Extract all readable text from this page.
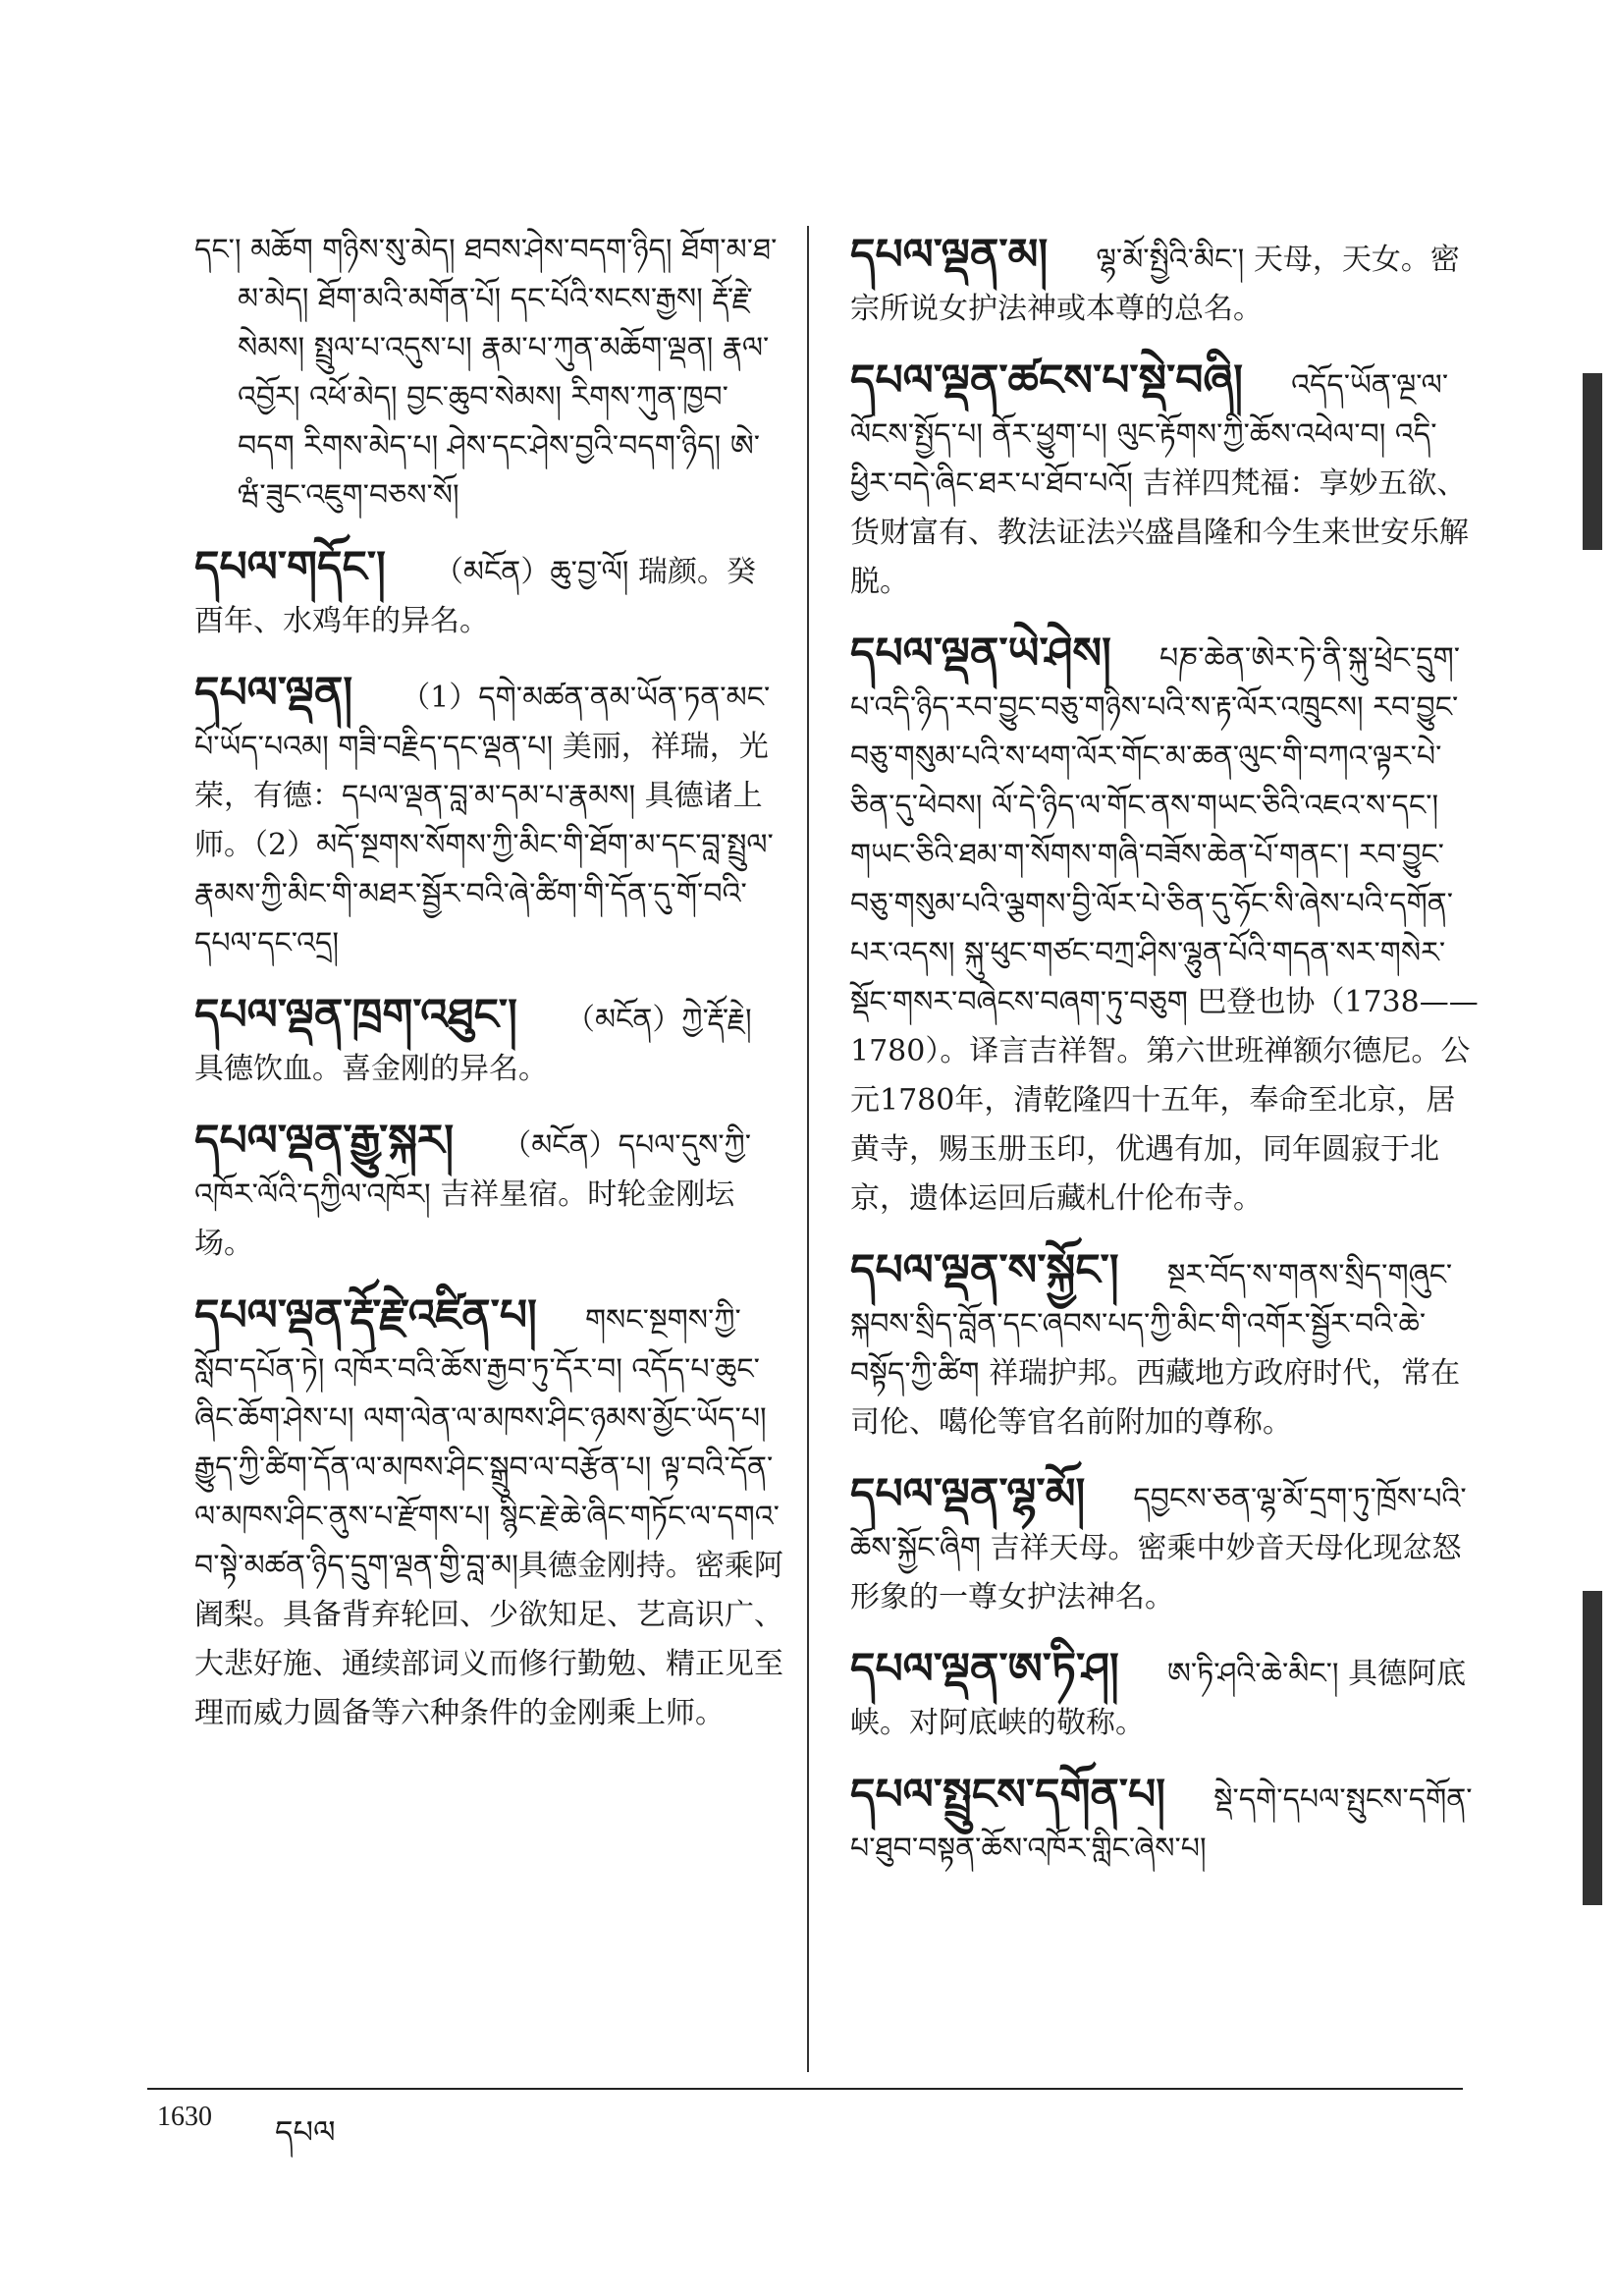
དང་། མཆོག གཉིས་སུ་མེད། ཐབས་ཤེས་བདག་ཉིད། ཐོག་མ་ཐ་མ་མེད། ཐོག་མའི་མགོན་པོ། དང་པོའི་སངས་རྒྱས། རྡོ་རྗེ་སེམས། སྤྲུལ་པ་འདུས་པ། རྣམ་པ་ཀུན་མཆོག་ལྡན། རྣལ་འབྱོར། འཕོ་མེད། བྱང་ཆུབ་སེམས། རིགས་ཀུན་ཁྱབ་བདག རིགས་མེད་པ། ཤེས་དང་ཤེས་བྱའི་བདག་ཉིད། ཨེ་ཝཾ་ཟུང་འཇུག་བཅས་སོ།
དཔལ་གདོང་། （མངོན）ཆུ་བྱ་ལོ། 瑞颜。癸酉年、水鸡年的异名。
དཔལ་ལྡན། （1）དགེ་མཚན་ནམ་ཡོན་ཏན་མང་པོ་ཡོད་པའམ། གཟི་བརྗིད་དང་ལྡན་པ། 美丽，祥瑞，光荣，有德：དཔལ་ལྡན་བླ་མ་དམ་པ་རྣམས། 具德诸上师。（2）མདོ་སྔགས་སོགས་ཀྱི་མིང་གི་ཐོག་མ་དང་བླ་སྤྲུལ་རྣམས་ཀྱི་མིང་གི་མཐར་སྦྱོར་བའི་ཞེ་ཚིག་གི་དོན་དུ་གོ་བའི་དཔལ་དང་འདྲ།
དཔལ་ལྡན་ཁྲག་འཐུང་། （མངོན）ཀྱེ་རྡོ་རྗེ། 具德饮血。喜金刚的异名。
དཔལ་ལྡན་རྒྱུ་སྐར། （མངོན）དཔལ་དུས་ཀྱི་འཁོར་ལོའི་དཀྱིལ་འཁོར། 吉祥星宿。时轮金刚坛场。
དཔལ་ལྡན་རྡོ་རྗེ་འཛིན་པ། གསང་སྔགས་ཀྱི་སློབ་དཔོན་ཏེ། འཁོར་བའི་ཆོས་རྒྱབ་ཏུ་དོར་བ། འདོད་པ་ཆུང་ཞིང་ཆོག་ཤེས་པ། ལག་ལེན་ལ་མཁས་ཤིང་ཉམས་མྱོང་ཡོད་པ། རྒྱུད་ཀྱི་ཚིག་དོན་ལ་མཁས་ཤིང་སྒྲུབ་ལ་བརྩོན་པ། ལྟ་བའི་དོན་ལ་མཁས་ཤིང་ནུས་པ་རྫོགས་པ། སྙིང་རྗེ་ཆེ་ཞིང་གཏོང་ལ་དགའ་བ་སྟེ་མཚན་ཉིད་དྲུག་ལྡན་གྱི་བླ་མ།具德金刚持。密乘阿阇梨。具备背弃轮回、少欲知足、艺高识广、大悲好施、通续部词义而修行勤勉、精正见至理而威力圆备等六种条件的金刚乘上师。
དཔལ་ལྡན་མ། ལྷ་མོ་སྤྱིའི་མིང་། 天母，天女。密宗所说女护法神或本尊的总名。
དཔལ་ལྡན་ཚངས་པ་སྡེ་བཞི། འདོད་ཡོན་ལྔ་ལ་ལོངས་སྤྱོད་པ། ནོར་ཕྱུག་པ། ལུང་རྟོགས་ཀྱི་ཆོས་འཕེལ་བ། འདི་ཕྱིར་བདེ་ཞིང་ཐར་པ་ཐོབ་པའོ། 吉祥四梵福：享妙五欲、货财富有、教法证法兴盛昌隆和今生来世安乐解脱。
དཔལ་ལྡན་ཡེ་ཤེས། པཎ་ཆེན་ཨེར་ཏེ་ནི་སྐུ་ཕྲེང་དྲུག་པ་འདི་ཉིད་རབ་བྱུང་བཅུ་གཉིས་པའི་ས་རྟ་ལོར་འཁྲུངས། རབ་བྱུང་བཅུ་གསུམ་པའི་ས་ཕག་ལོར་གོང་མ་ཆན་ལུང་གི་བཀའ་ལྟར་པེ་ཅིན་དུ་ཕེབས། ལོ་དེ་ཉིད་ལ་གོང་ནས་གཡང་ཅིའི་འཇའ་ས་དང་། གཡང་ཅིའི་ཐམ་ག་སོགས་གཞི་བཟོས་ཆེན་པོ་གནང་། རབ་བྱུང་བཅུ་གསུམ་པའི་ལྕགས་བྱི་ལོར་པེ་ཅིན་དུ་ཧོང་སི་ཞེས་པའི་དགོན་པར་འདས། སྐུ་ཕུང་གཙང་བཀྲ་ཤིས་ལྷུན་པོའི་གདན་སར་གསེར་སྡོང་གསར་བཞེངས་བཞག་ཏུ་བཅུག 巴登也协（1738——1780）。译言吉祥智。第六世班禅额尔德尼。公元1780年，清乾隆四十五年，奉命至北京，居黄寺，赐玉册玉印，优遇有加，同年圆寂于北京，遗体运回后藏札什伦布寺。
དཔལ་ལྡན་ས་སྐྱོང་། སྔར་བོད་ས་གནས་སྲིད་གཞུང་སྐབས་སྲིད་བློན་དང་ཞབས་པད་ཀྱི་མིང་གི་འགོར་སྦྱོར་བའི་ཆེ་བསྟོད་ཀྱི་ཚིག 祥瑞护邦。西藏地方政府时代，常在司伦、噶伦等官名前附加的尊称。
དཔལ་ལྡན་ལྷ་མོ། དབྱངས་ཅན་ལྷ་མོ་དྲག་ཏུ་ཁྲོས་པའི་ཆོས་སྐྱོང་ཞིག 吉祥天母。密乘中妙音天母化现忿怒形象的一尊女护法神名。
དཔལ་ལྡན་ཨ་ཏི་ཤ། ཨ་ཏི་ཤའི་ཆེ་མིང་། 具德阿底峡。对阿底峡的敬称。
དཔལ་སྤྲུངས་དགོན་པ། སྡེ་དགེ་དཔལ་སྤུངས་དགོན་པ་ཐུབ་བསྟན་ཆོས་འཁོར་གླིང་ཞེས་པ།
1630 དཔལ
